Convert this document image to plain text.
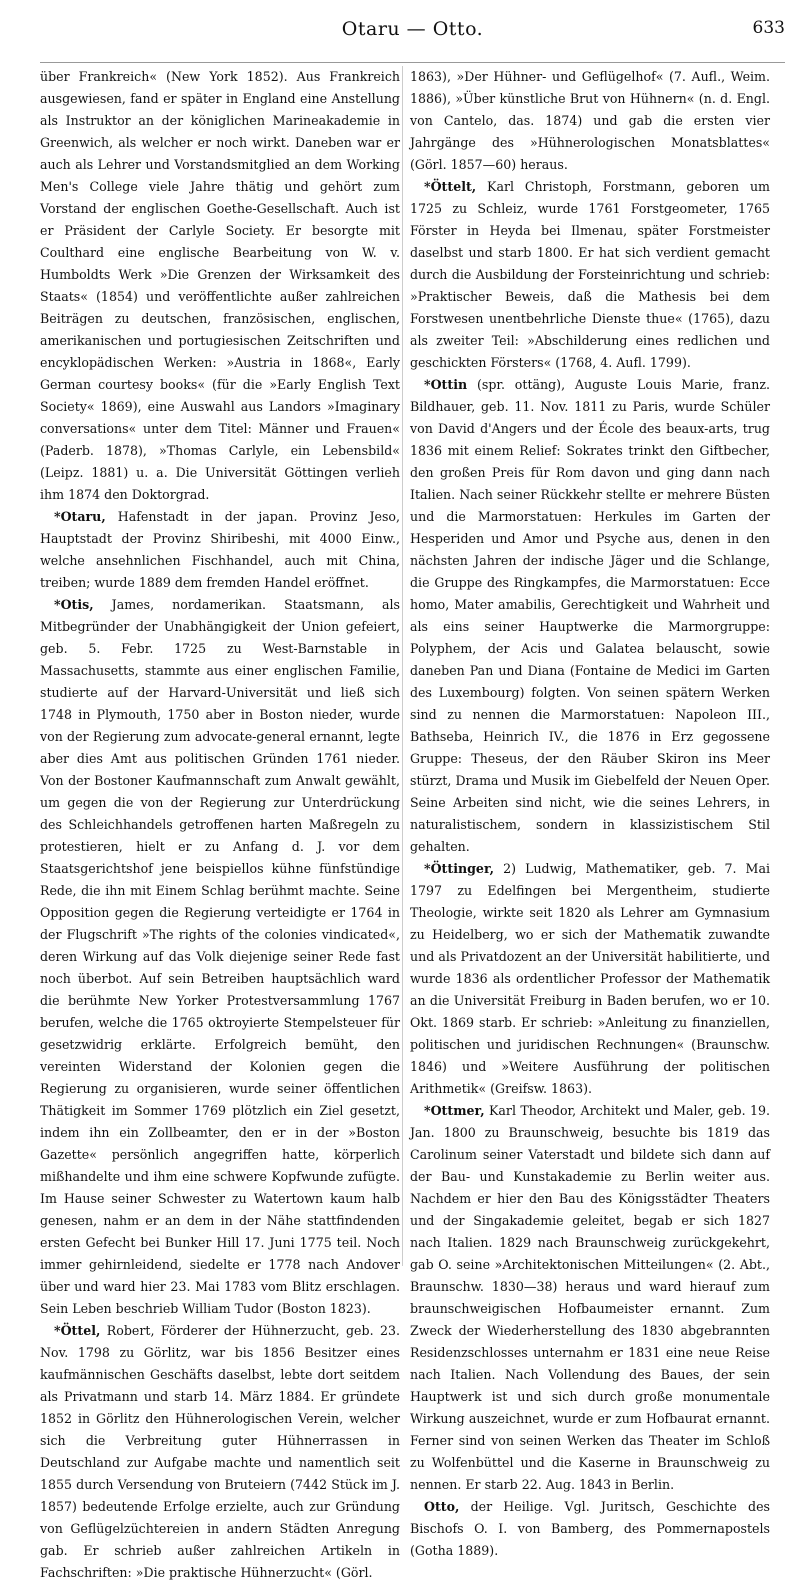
Otaru — Otto.	633

über Frankreich« (New York 1852). Aus Frankreich ausgewiesen, fand er später in England eine Anstellung als Instruktor an der königlichen Marineakademie in Greenwich, als welcher er noch wirkt. Daneben war er auch als Lehrer und Vorstandsmitglied an dem Working Men's College viele Jahre thätig und gehört zum Vorstand der englischen Goethe-Gesellschaft. Auch ist er Präsident der Carlyle Society. Er besorgte mit Coulthard eine englische Bearbeitung von W. v. Humboldts Werk »Die Grenzen der Wirksamkeit des Staats« (1854) und veröffentlichte außer zahlreichen Beiträgen zu deutschen, französischen, englischen, amerikanischen und portugiesischen Zeitschriften und encyklopädischen Werken: »Austria in 1868«, Early German courtesy books« (für die »Early English Text Society« 1869), eine Auswahl aus Landors »Imaginary conversations« unter dem Titel: Männer und Frauen« (Paderb. 1878), »Thomas Carlyle, ein Lebensbild« (Leipz. 1881) u. a. Die Universität Göttingen verlieh ihm 1874 den Doktorgrad.

*Otaru, Hafenstadt in der japan. Provinz Jeso, Hauptstadt der Provinz Shiribeshi, mit 4000 Einw., welche ansehnlichen Fischhandel, auch mit China, treiben; wurde 1889 dem fremden Handel eröffnet.

*Otis, James, nordamerikan. Staatsmann, als Mitbegründer der Unabhängigkeit der Union gefeiert, geb. 5. Febr. 1725 zu West-Barnstable in Massachusetts, stammte aus einer englischen Familie, studierte auf der Harvard-Universität und ließ sich 1748 in Plymouth, 1750 aber in Boston nieder, wurde von der Regierung zum advocate-general ernannt, legte aber dies Amt aus politischen Gründen 1761 nieder. Von der Bostoner Kaufmannschaft zum Anwalt gewählt, um gegen die von der Regierung zur Unterdrückung des Schleichhandels getroffenen harten Maßregeln zu protestieren, hielt er zu Anfang d. J. vor dem Staatsgerichtshof jene beispiellos kühne fünfstündige Rede, die ihn mit Einem Schlag berühmt machte. Seine Opposition gegen die Regierung verteidigte er 1764 in der Flugschrift »The rights of the colonies vindicated«, deren Wirkung auf das Volk diejenige seiner Rede fast noch überbot. Auf sein Betreiben hauptsächlich ward die berühmte New Yorker Protestversammlung 1767 berufen, welche die 1765 oktroyierte Stempelsteuer für gesetzwidrig erklärte. Erfolgreich bemüht, den vereinten Widerstand der Kolonien gegen die Regierung zu organisieren, wurde seiner öffentlichen Thätigkeit im Sommer 1769 plötzlich ein Ziel gesetzt, indem ihn ein Zollbeamter, den er in der »Boston Gazette« persönlich angegriffen hatte, körperlich mißhandelte und ihm eine schwere Kopfwunde zufügte. Im Hause seiner Schwester zu Watertown kaum halb genesen, nahm er an dem in der Nähe stattfindenden ersten Gefecht bei Bunker Hill 17. Juni 1775 teil. Noch immer gehirnleidend, siedelte er 1778 nach Andover über und ward hier 23. Mai 1783 vom Blitz erschlagen. Sein Leben beschrieb William Tudor (Boston 1823).

*Öttel, Robert, Förderer der Hühnerzucht, geb. 23. Nov. 1798 zu Görlitz, war bis 1856 Besitzer eines kaufmännischen Geschäfts daselbst, lebte dort seitdem als Privatmann und starb 14. März 1884. Er gründete 1852 in Görlitz den Hühnerologischen Verein, welcher sich die Verbreitung guter Hühnerrassen in Deutschland zur Aufgabe machte und namentlich seit 1855 durch Versendung von Bruteiern (7442 Stück im J. 1857) bedeutende Erfolge erzielte, auch zur Gründung von Geflügelzüchtereien in andern Städten Anregung gab. Er schrieb außer zahlreichen Artikeln in Fachschriften: »Die praktische Hühnerzucht« (Görl.

1863), »Der Hühner- und Geflügelhof« (7. Aufl., Weim. 1886), »Über künstliche Brut von Hühnern« (n. d. Engl. von Cantelo, das. 1874) und gab die ersten vier Jahrgänge des »Hühnerologischen Monatsblattes« (Görl. 1857—60) heraus.

*Öttelt, Karl Christoph, Forstmann, geboren um 1725 zu Schleiz, wurde 1761 Forstgeometer, 1765 Förster in Heyda bei Ilmenau, später Forstmeister daselbst und starb 1800. Er hat sich verdient gemacht durch die Ausbildung der Forsteinrichtung und schrieb: »Praktischer Beweis, daß die Mathesis bei dem Forstwesen unentbehrliche Dienste thue« (1765), dazu als zweiter Teil: »Abschilderung eines redlichen und geschickten Försters« (1768, 4. Aufl. 1799).

*Ottin (spr. ottäng), Auguste Louis Marie, franz. Bildhauer, geb. 11. Nov. 1811 zu Paris, wurde Schüler von David d'Angers und der École des beaux-arts, trug 1836 mit einem Relief: Sokrates trinkt den Giftbecher, den großen Preis für Rom davon und ging dann nach Italien. Nach seiner Rückkehr stellte er mehrere Büsten und die Marmorstatuen: Herkules im Garten der Hesperiden und Amor und Psyche aus, denen in den nächsten Jahren der indische Jäger und die Schlange, die Gruppe des Ringkampfes, die Marmorstatuen: Ecce homo, Mater amabilis, Gerechtigkeit und Wahrheit und als eins seiner Hauptwerke die Marmorgruppe: Polyphem, der Acis und Galatea belauscht, sowie daneben Pan und Diana (Fontaine de Medici im Garten des Luxembourg) folgten. Von seinen spätern Werken sind zu nennen die Marmorstatuen: Napoleon III., Bathseba, Heinrich IV., die 1876 in Erz gegossene Gruppe: Theseus, der den Räuber Skiron ins Meer stürzt, Drama und Musik im Giebelfeld der Neuen Oper. Seine Arbeiten sind nicht, wie die seines Lehrers, in naturalistischem, sondern in klassizistischem Stil gehalten.

*Öttinger, 2) Ludwig, Mathematiker, geb. 7. Mai 1797 zu Edelfingen bei Mergentheim, studierte Theologie, wirkte seit 1820 als Lehrer am Gymnasium zu Heidelberg, wo er sich der Mathematik zuwandte und als Privatdozent an der Universität habilitierte, und wurde 1836 als ordentlicher Professor der Mathematik an die Universität Freiburg in Baden berufen, wo er 10. Okt. 1869 starb. Er schrieb: »Anleitung zu finanziellen, politischen und juridischen Rechnungen« (Braunschw. 1846) und »Weitere Ausführung der politischen Arithmetik« (Greifsw. 1863).

*Ottmer, Karl Theodor, Architekt und Maler, geb. 19. Jan. 1800 zu Braunschweig, besuchte bis 1819 das Carolinum seiner Vaterstadt und bildete sich dann auf der Bau- und Kunstakademie zu Berlin weiter aus. Nachdem er hier den Bau des Königsstädter Theaters und der Singakademie geleitet, begab er sich 1827 nach Italien. 1829 nach Braunschweig zurückgekehrt, gab O. seine »Architektonischen Mitteilungen« (2. Abt., Braunschw. 1830—38) heraus und ward hierauf zum braunschweigischen Hofbaumeister ernannt. Zum Zweck der Wiederherstellung des 1830 abgebrannten Residenzschlosses unternahm er 1831 eine neue Reise nach Italien. Nach Vollendung des Baues, der sein Hauptwerk ist und sich durch große monumentale Wirkung auszeichnet, wurde er zum Hofbaurat ernannt. Ferner sind von seinen Werken das Theater im Schloß zu Wolfenbüttel und die Kaserne in Braunschweig zu nennen. Er starb 22. Aug. 1843 in Berlin.

Otto, der Heilige. Vgl. Juritsch, Geschichte des Bischofs O. I. von Bamberg, des Pommernapostels (Gotha 1889).
